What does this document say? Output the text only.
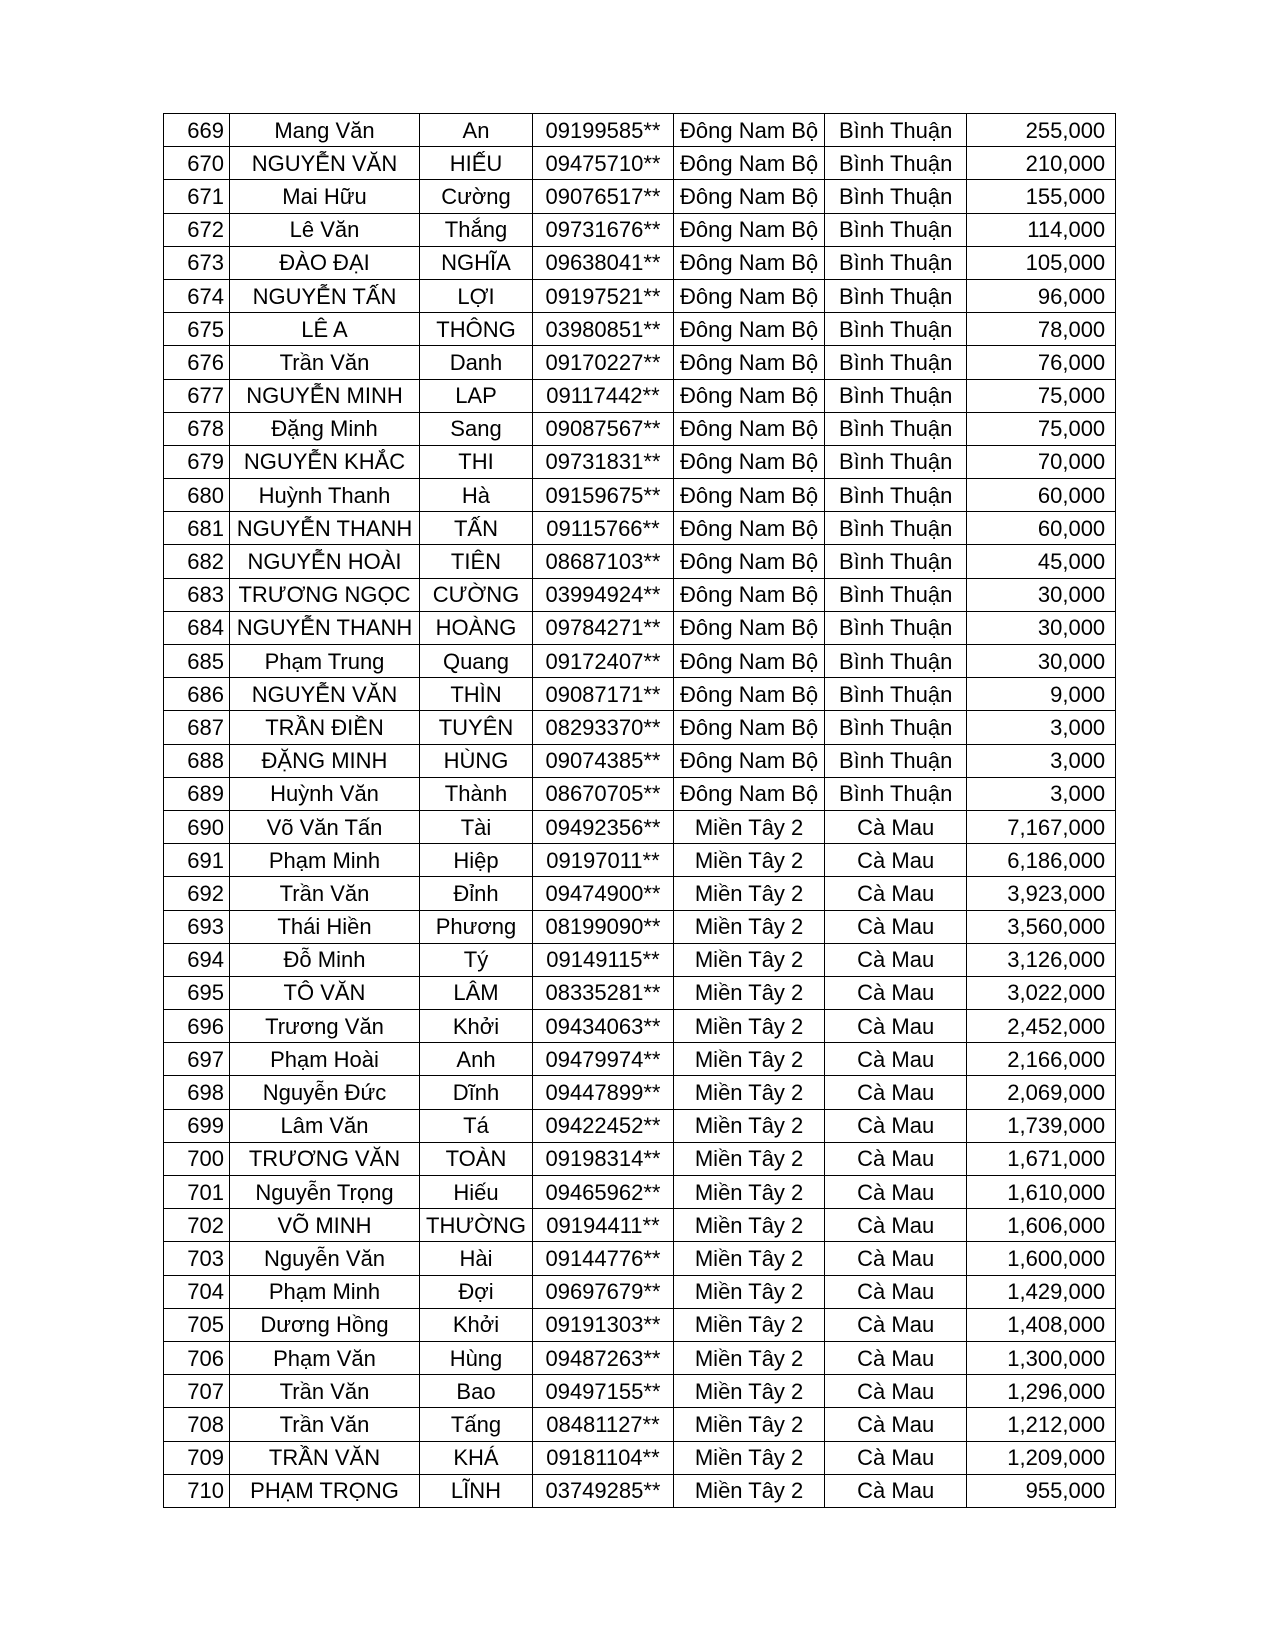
669	Mang Văn	An	09199585**	Đông Nam Bộ	Bình Thuận	255,000
670	NGUYỄN VĂN	HIẾU	09475710**	Đông Nam Bộ	Bình Thuận	210,000
671	Mai Hữu	Cường	09076517**	Đông Nam Bộ	Bình Thuận	155,000
672	Lê Văn	Thắng	09731676**	Đông Nam Bộ	Bình Thuận	114,000
673	ĐÀO ĐẠI	NGHĨA	09638041**	Đông Nam Bộ	Bình Thuận	105,000
674	NGUYỄN TẤN	LỢI	09197521**	Đông Nam Bộ	Bình Thuận	96,000
675	LÊ A	THÔNG	03980851**	Đông Nam Bộ	Bình Thuận	78,000
676	Trần Văn	Danh	09170227**	Đông Nam Bộ	Bình Thuận	76,000
677	NGUYỄN MINH	LAP	09117442**	Đông Nam Bộ	Bình Thuận	75,000
678	Đặng Minh	Sang	09087567**	Đông Nam Bộ	Bình Thuận	75,000
679	NGUYỄN KHẮC	THI	09731831**	Đông Nam Bộ	Bình Thuận	70,000
680	Huỳnh Thanh	Hà	09159675**	Đông Nam Bộ	Bình Thuận	60,000
681	NGUYỄN THANH	TẤN	09115766**	Đông Nam Bộ	Bình Thuận	60,000
682	NGUYỄN HOÀI	TIÊN	08687103**	Đông Nam Bộ	Bình Thuận	45,000
683	TRƯƠNG NGỌC	CƯỜNG	03994924**	Đông Nam Bộ	Bình Thuận	30,000
684	NGUYỄN THANH	HOÀNG	09784271**	Đông Nam Bộ	Bình Thuận	30,000
685	Phạm Trung	Quang	09172407**	Đông Nam Bộ	Bình Thuận	30,000
686	NGUYỄN VĂN	THÌN	09087171**	Đông Nam Bộ	Bình Thuận	9,000
687	TRẦN ĐIỀN	TUYÊN	08293370**	Đông Nam Bộ	Bình Thuận	3,000
688	ĐẶNG MINH	HÙNG	09074385**	Đông Nam Bộ	Bình Thuận	3,000
689	Huỳnh Văn	Thành	08670705**	Đông Nam Bộ	Bình Thuận	3,000
690	Võ Văn Tấn	Tài	09492356**	Miền Tây 2	Cà Mau	7,167,000
691	Phạm Minh	Hiệp	09197011**	Miền Tây 2	Cà Mau	6,186,000
692	Trần Văn	Đỉnh	09474900**	Miền Tây 2	Cà Mau	3,923,000
693	Thái Hiền	Phương	08199090**	Miền Tây 2	Cà Mau	3,560,000
694	Đỗ Minh	Tý	09149115**	Miền Tây 2	Cà Mau	3,126,000
695	TÔ VĂN	LÂM	08335281**	Miền Tây 2	Cà Mau	3,022,000
696	Trương Văn	Khởi	09434063**	Miền Tây 2	Cà Mau	2,452,000
697	Phạm Hoài	Anh	09479974**	Miền Tây 2	Cà Mau	2,166,000
698	Nguyễn Đức	Dĩnh	09447899**	Miền Tây 2	Cà Mau	2,069,000
699	Lâm Văn	Tá	09422452**	Miền Tây 2	Cà Mau	1,739,000
700	TRƯƠNG VĂN	TOÀN	09198314**	Miền Tây 2	Cà Mau	1,671,000
701	Nguyễn Trọng	Hiếu	09465962**	Miền Tây 2	Cà Mau	1,610,000
702	VÕ MINH	THƯỜNG	09194411**	Miền Tây 2	Cà Mau	1,606,000
703	Nguyễn Văn	Hài	09144776**	Miền Tây 2	Cà Mau	1,600,000
704	Phạm Minh	Đợi	09697679**	Miền Tây 2	Cà Mau	1,429,000
705	Dương Hồng	Khởi	09191303**	Miền Tây 2	Cà Mau	1,408,000
706	Phạm Văn	Hùng	09487263**	Miền Tây 2	Cà Mau	1,300,000
707	Trần Văn	Bao	09497155**	Miền Tây 2	Cà Mau	1,296,000
708	Trần Văn	Tấng	08481127**	Miền Tây 2	Cà Mau	1,212,000
709	TRẦN VĂN	KHÁ	09181104**	Miền Tây 2	Cà Mau	1,209,000
710	PHẠM TRỌNG	LĨNH	03749285**	Miền Tây 2	Cà Mau	955,000
